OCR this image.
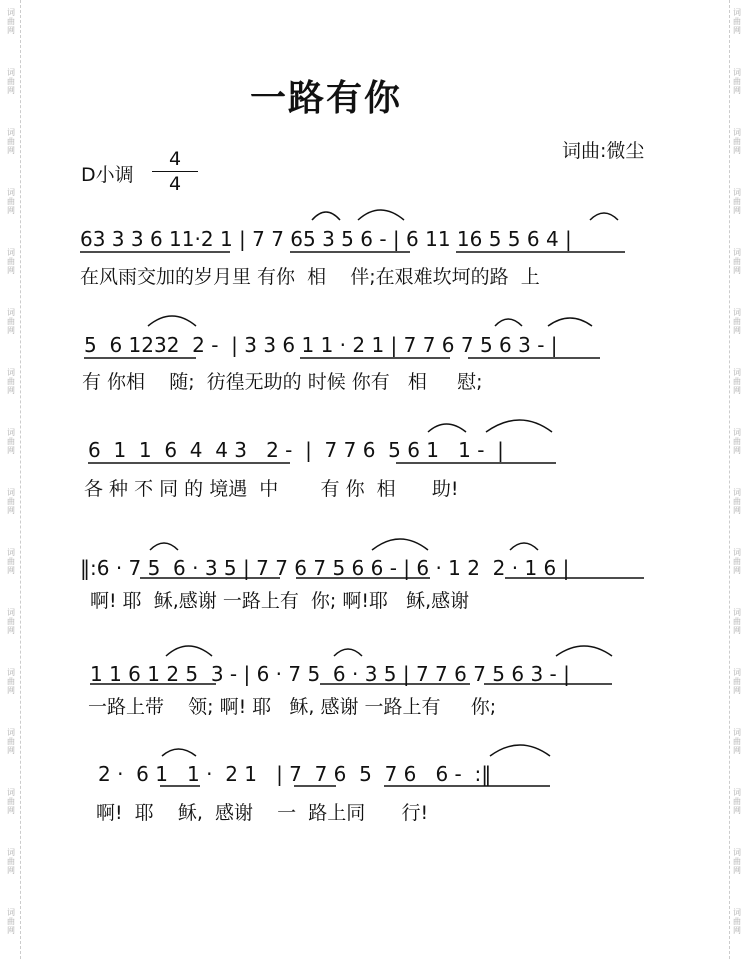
词曲网
词曲网
词曲网
词曲网
词曲网
词曲网
词曲网
词曲网
词曲网
词曲网
词曲网
词曲网
词曲网
词曲网
词曲网
词曲网
词曲网
词曲网
词曲网
词曲网
词曲网
词曲网
词曲网
词曲网
词曲网
词曲网
词曲网
词曲网
词曲网
词曲网
词曲网
词曲网
一路有你
词曲:微尘
D小调
4
4
63 3 3 6 11·2 1 | 7 7 65 3 5 6 - | 6 11 16 5 5 6 4 |
在风雨交加的岁月里 有你  相    伴;在艰难坎坷的路  上
5  6 1232  2 -  | 3 3 6 1 1 · 2 1 | 7 7 6 7 5 6 3 - |
有 你相    随;  彷徨无助的 时候 你有   相     慰;
6  1  1  6  4  4 3   2 -  |  7 7 6  5 6 1   1 -  |
各 种 不 同 的 境遇  中       有 你  相      助!
‖:6 · 7 5  6 · 3 5 | 7 7 6 7 5 6 6 - | 6 · 1 2  2 · 1 6 |
啊! 耶  稣,感谢 一路上有  你; 啊!耶   稣,感谢
1 1 6 1 2 5  3 - | 6 · 7 5  6 · 3 5 | 7 7 6 7 5 6 3 - |
一路上带    领; 啊! 耶   稣, 感谢 一路上有     你;
2 ·  6 1   1 ·  2 1   | 7  7 6  5  7 6   6 -  :‖
啊!  耶    稣,  感谢    一  路上同      行!
